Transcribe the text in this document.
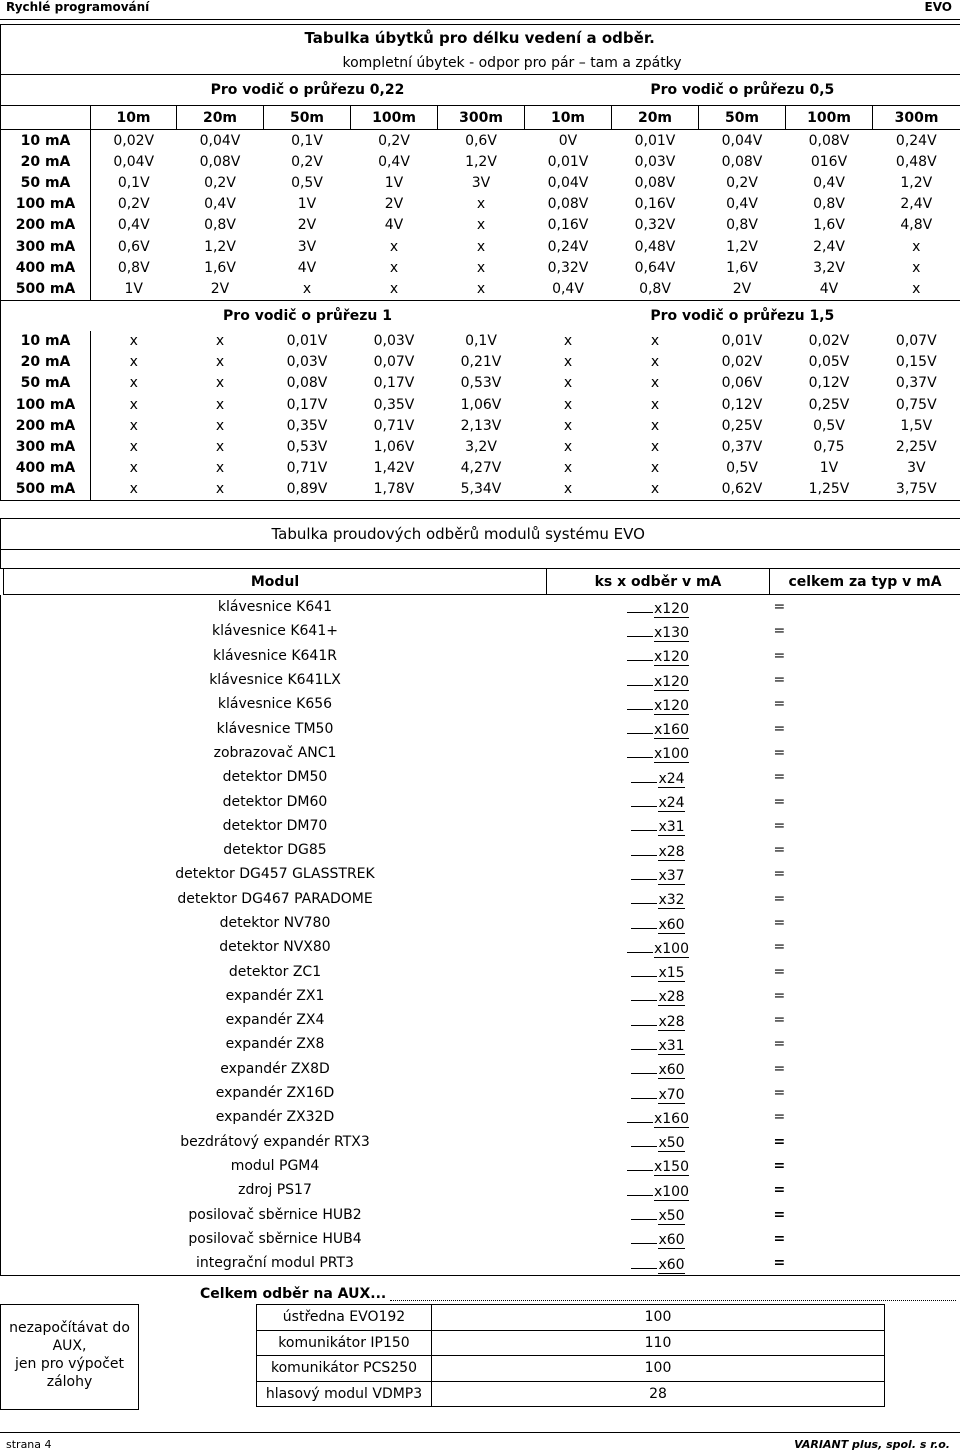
Rychlé programování	EVO
	Tabulka úbytků pro délku vedení a odběr.									
	kompletní úbytek - odpor pro pár – tam a zpátky									
	Pro vodič o průřezu 0,22					Pro vodič o průřezu 0,5				
	10m	20m	50m	100m	300m	10m	20m	50m	100m	300m
10 mA	0,02V	0,04V	0,1V	0,2V	0,6V	0V	0,01V	0,04V	0,08V	0,24V
20 mA	0,04V	0,08V	0,2V	0,4V	1,2V	0,01V	0,03V	0,08V	016V	0,48V
50 mA	0,1V	0,2V	0,5V	1V	3V	0,04V	0,08V	0,2V	0,4V	1,2V
100 mA	0,2V	0,4V	1V	2V	x	0,08V	0,16V	0,4V	0,8V	2,4V
200 mA	0,4V	0,8V	2V	4V	x	0,16V	0,32V	0,8V	1,6V	4,8V
300 mA	0,6V	1,2V	3V	x	x	0,24V	0,48V	1,2V	2,4V	x
400 mA	0,8V	1,6V	4V	x	x	0,32V	0,64V	1,6V	3,2V	x
500 mA	1V	2V	x	x	x	0,4V	0,8V	2V	4V	x
	Pro vodič o průřezu 1					Pro vodič o průřezu 1,5				
10 mA	x	x	0,01V	0,03V	0,1V	x	x	0,01V	0,02V	0,07V
20 mA	x	x	0,03V	0,07V	0,21V	x	x	0,02V	0,05V	0,15V
50 mA	x	x	0,08V	0,17V	0,53V	x	x	0,06V	0,12V	0,37V
100 mA	x	x	0,17V	0,35V	1,06V	x	x	0,12V	0,25V	0,75V
200 mA	x	x	0,35V	0,71V	2,13V	x	x	0,25V	0,5V	1,5V
300 mA	x	x	0,53V	1,06V	3,2V	x	x	0,37V	0,75	2,25V
400 mA	x	x	0,71V	1,42V	4,27V	x	x	0,5V	1V	3V
500 mA	x	x	0,89V	1,78V	5,34V	x	x	0,62V	1,25V	3,75V
	Tabulka proudových odběrů modulů systému EVO		

	Modul	ks x odběr v mA	celkem za typ v mA
	klávesnice K641	x120	=
	klávesnice K641+	x130	=
	klávesnice K641R	x120	=
	klávesnice K641LX	x120	=
	klávesnice K656	x120	=
	klávesnice TM50	x160	=
	zobrazovač ANC1	x100	=
	detektor DM50	x24	=
	detektor DM60	x24	=
	detektor DM70	x31	=
	detektor DG85	x28	=
	detektor DG457 GLASSTREK	x37	=
	detektor DG467 PARADOME	x32	=
	detektor NV780	x60	=
	detektor NVX80	x100	=
	detektor ZC1	x15	=
	expandér ZX1	x28	=
	expandér ZX4	x28	=
	expandér ZX8	x31	=
	expandér ZX8D	x60	=
	expandér ZX16D	x70	=
	expandér ZX32D	x160	=
	bezdrátový expandér RTX3	x50	=
	modul PGM4	x150	=
	zdroj PS17	x100	=
	posilovač sběrnice HUB2	x50	=
	posilovač sběrnice HUB4	x60	=
	integrační modul PRT3	x60	=
Celkem odběr na AUX...
nezapočítávat do
AUX,
jen pro výpočet
zálohy
ústředna EVO192	100
komunikátor IP150	110
komunikátor PCS250	100
hlasový modul VDMP3	28
strana 4	VARIANT plus, spol. s r.o.
